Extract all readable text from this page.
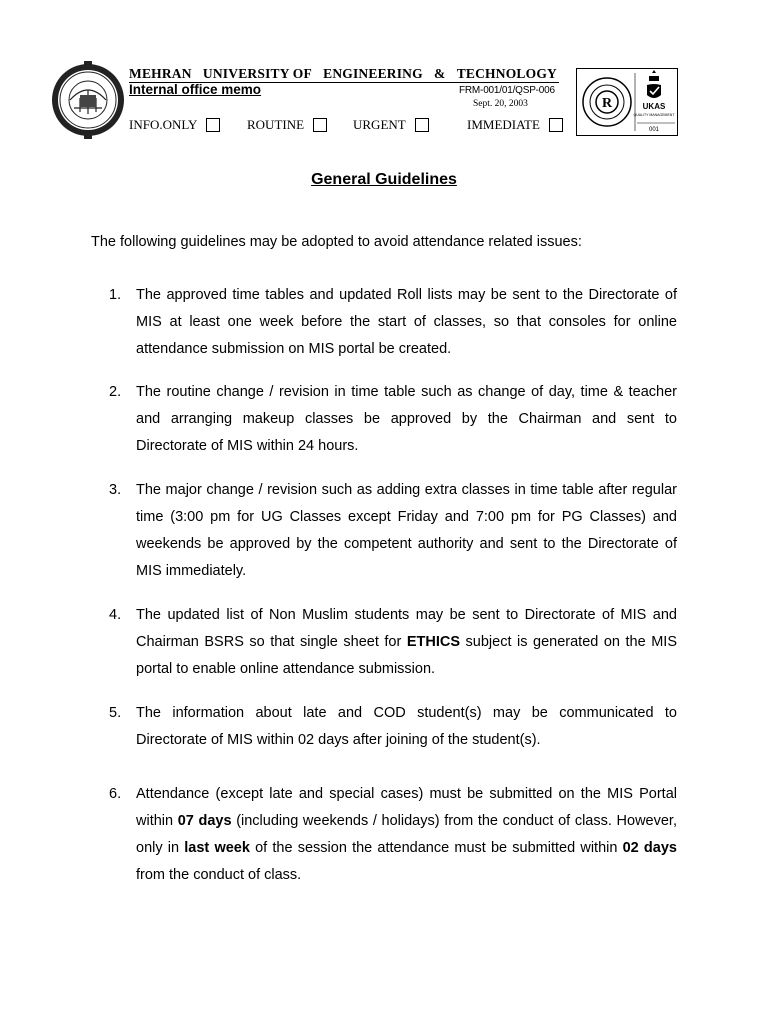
MEHRAN UNIVERSITY OF ENGINEERING & TECHNOLOGY
Internal office memo	FRM-001/01/QSP-006
Sept. 20, 2003
INFO.ONLY	ROUTINE	URGENT	IMMEDIATE
R	UKAS
QUALITY MANAGEMENT
001
General Guidelines
The following guidelines may be adopted to avoid attendance related issues:
1. The approved time tables and updated Roll lists may be sent to the Directorate of MIS at least one week before the start of classes, so that consoles for online attendance submission on MIS portal be created.
2. The routine change / revision in time table such as change of day, time & teacher and arranging makeup classes be approved by the Chairman and sent to Directorate of MIS within 24 hours.
3. The major change / revision such as adding extra classes in time table after regular time (3:00 pm for UG Classes except Friday and 7:00 pm for PG Classes) and weekends be approved by the competent authority and sent to the Directorate of MIS immediately.
4. The updated list of Non Muslim students may be sent to Directorate of MIS and Chairman BSRS so that single sheet for ETHICS subject is generated on the MIS portal to enable online attendance submission.
5. The information about late and COD student(s) may be communicated to Directorate of MIS within 02 days after joining of the student(s).
6. Attendance (except late and special cases) must be submitted on the MIS Portal within 07 days (including weekends / holidays) from the conduct of class. However, only in last week of the session the attendance must be submitted within 02 days from the conduct of class.
